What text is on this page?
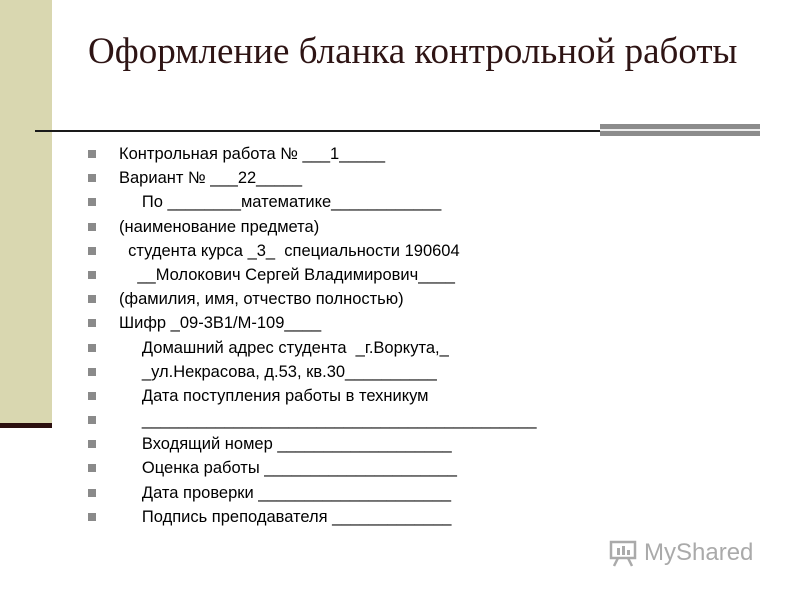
Оформление бланка контрольной работы
Контрольная работа № ___1_____
Вариант № ___22_____
По ________математике____________
(наименование предмета)
студента курса _3_  специальности 190604
__Молокович Сергей Владимирович____
(фамилия, имя, отчество полностью)
Шифр _09-3В1/М-109____
Домашний адрес студента  _г.Воркута,_
_ул.Некрасова, д.53, кв.30__________
Дата поступления работы в техникум
___________________________________________
Входящий номер ___________________
Оценка работы _____________________
Дата проверки _____________________
Подпись преподавателя _____________
MyShared
